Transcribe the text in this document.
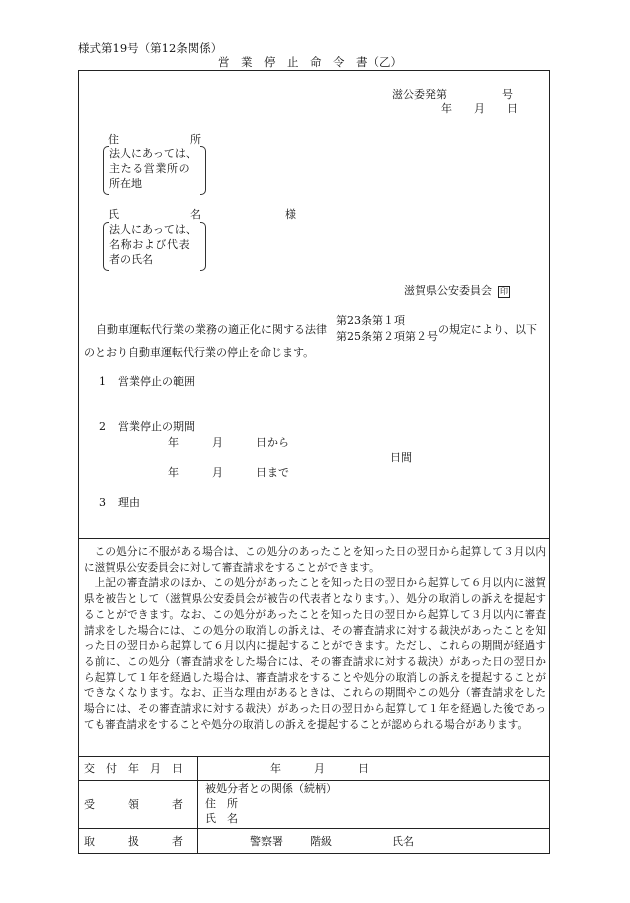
様式第19号（第12条関係）
営　業　停　止　命　令　書（乙）
滋公委発第　　　　　号
年　　月　　日
住	所
法人にあっては、
主たる営業所の
所在地
氏	名	様
法人にあっては、
名称および代表
者の氏名
滋賀県公安委員会 印
自動車運転代行業の業務の適正化に関する法律
第23条第１項
第25条第２項第２号
の規定により、以下
のとおり自動車運転代行業の停止を命じます。
1 営業停止の範囲
2 営業停止の期間
年　　　月　　　日から
日間
年　　　月　　　日まで
3 理由

この処分に不服がある場合は、この処分のあったことを知った日の翌日から起算して３月以内に滋賀県公安委員会に対して審査請求をすることができます。

上記の審査請求のほか、この処分があったことを知った日の翌日から起算して６月以内に滋賀県を被告として（滋賀県公安委員会が被告の代表者となります。）、処分の取消しの訴えを提起することができます。なお、この処分があったことを知った日の翌日から起算して３月以内に審査請求をした場合には、この処分の取消しの訴えは、その審査請求に対する裁決があったことを知った日の翌日から起算して６月以内に提起することができます。ただし、これらの期間が経過する前に、この処分（審査請求をした場合には、その審査請求に対する裁決）があった日の翌日から起算して１年を経過した場合は、審査請求をすることや処分の取消しの訴えを提起することができなくなります。なお、正当な理由があるときは、これらの期間やこの処分（審査請求をした場合には、その審査請求に対する裁決）があった日の翌日から起算して１年を経過した後であっても審査請求をすることや処分の取消しの訴えを提起することが認められる場合があります。

交　付　年　月　日	年　　　月　　　日
受　　　領　　　者
被処分者との関係（続柄）
住　所
氏　名
取　　　扱　　　者	警察署 階級	氏名
